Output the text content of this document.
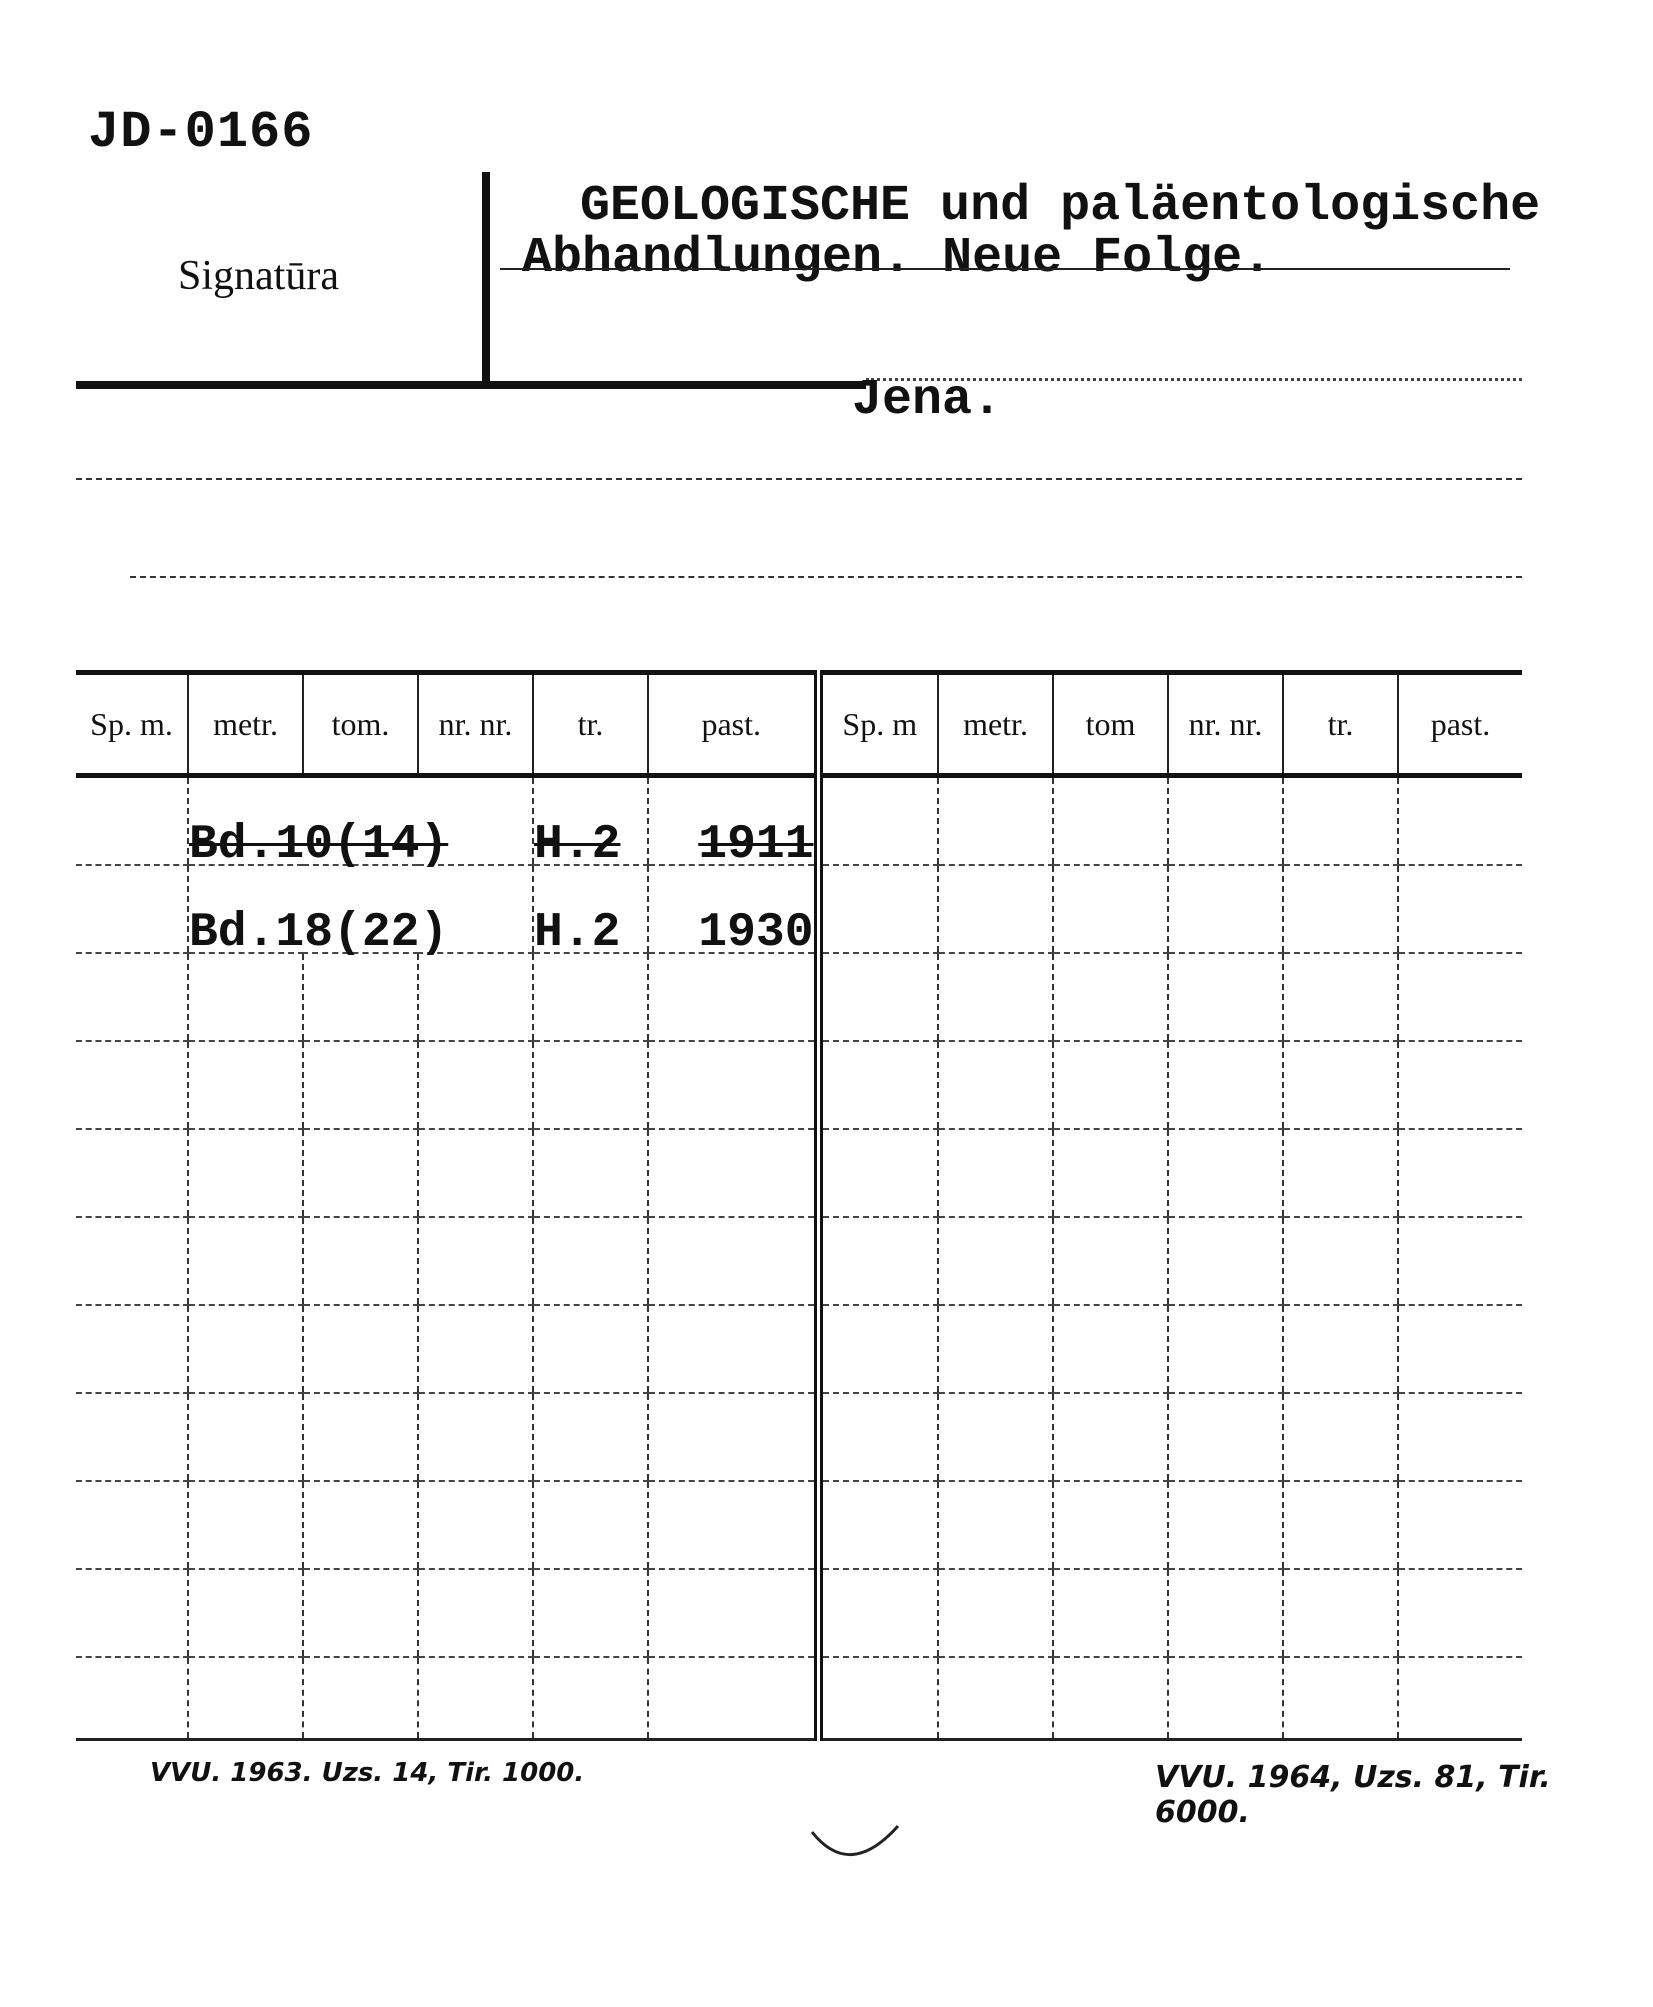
JD-0166
Signatūra
GEOLOGISCHE und paläentologische
Abhandlungen. Neue Folge.
Jena.
Sp. m.	metr.	tom.	nr. nr.	tr.	past.	Sp. m	metr.	tom	nr. nr.	tr.	past.
	Bd.10(14)			H.2	1911						
	Bd.18(22)			H.2	1930						

VVU. 1963. Uzs. 14, Tir. 1000.	VVU. 1964, Uzs. 81, Tir. 6000.
